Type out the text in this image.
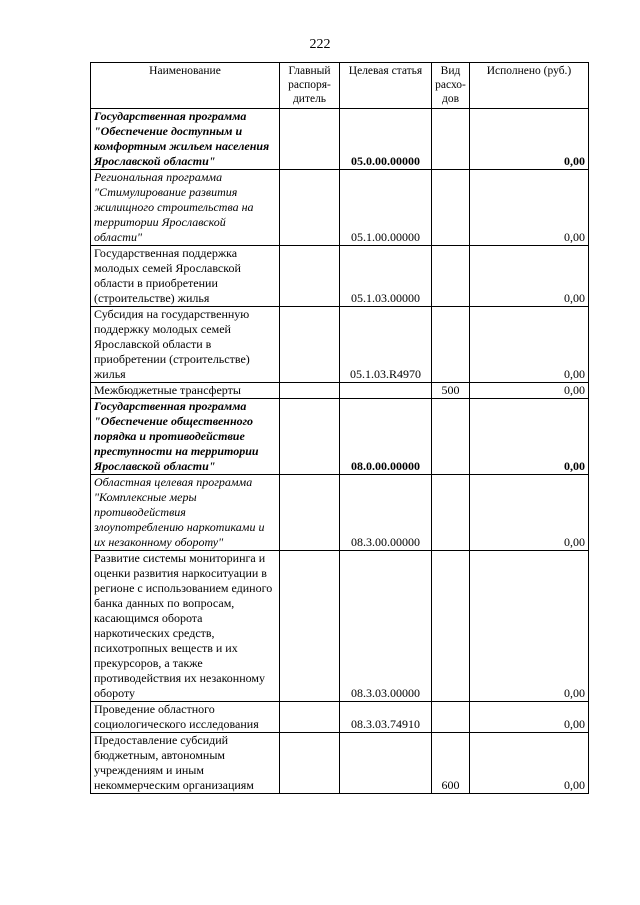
222
Наименование	Главный распоря-дитель	Целевая статья	Вид расхо-дов	Исполнено (руб.)
Государственная программа "Обеспечение доступным и комфортным жильем населения Ярославской области"		05.0.00.00000		0,00
Региональная программа "Стимулирование развития жилищного строительства на территории Ярославской области"		05.1.00.00000		0,00
Государственная поддержка молодых семей Ярославской области в приобретении (строительстве) жилья		05.1.03.00000		0,00
Субсидия на государственную поддержку молодых семей Ярославской области в приобретении (строительстве) жилья		05.1.03.R4970		0,00
Межбюджетные трансферты			500	0,00
Государственная программа "Обеспечение общественного порядка и противодействие преступности на территории Ярославской области"		08.0.00.00000		0,00
Областная целевая программа "Комплексные меры противодействия злоупотреблению наркотиками и их незаконному обороту"		08.3.00.00000		0,00
Развитие системы мониторинга и оценки развития наркоситуации в регионе с использованием единого банка данных по вопросам, касающимся оборота наркотических средств, психотропных веществ и их прекурсоров, а также противодействия их незаконному обороту		08.3.03.00000		0,00
Проведение областного социологического исследования		08.3.03.74910		0,00
Предоставление субсидий бюджетным, автономным учреждениям и иным некоммерческим организациям			600	0,00
